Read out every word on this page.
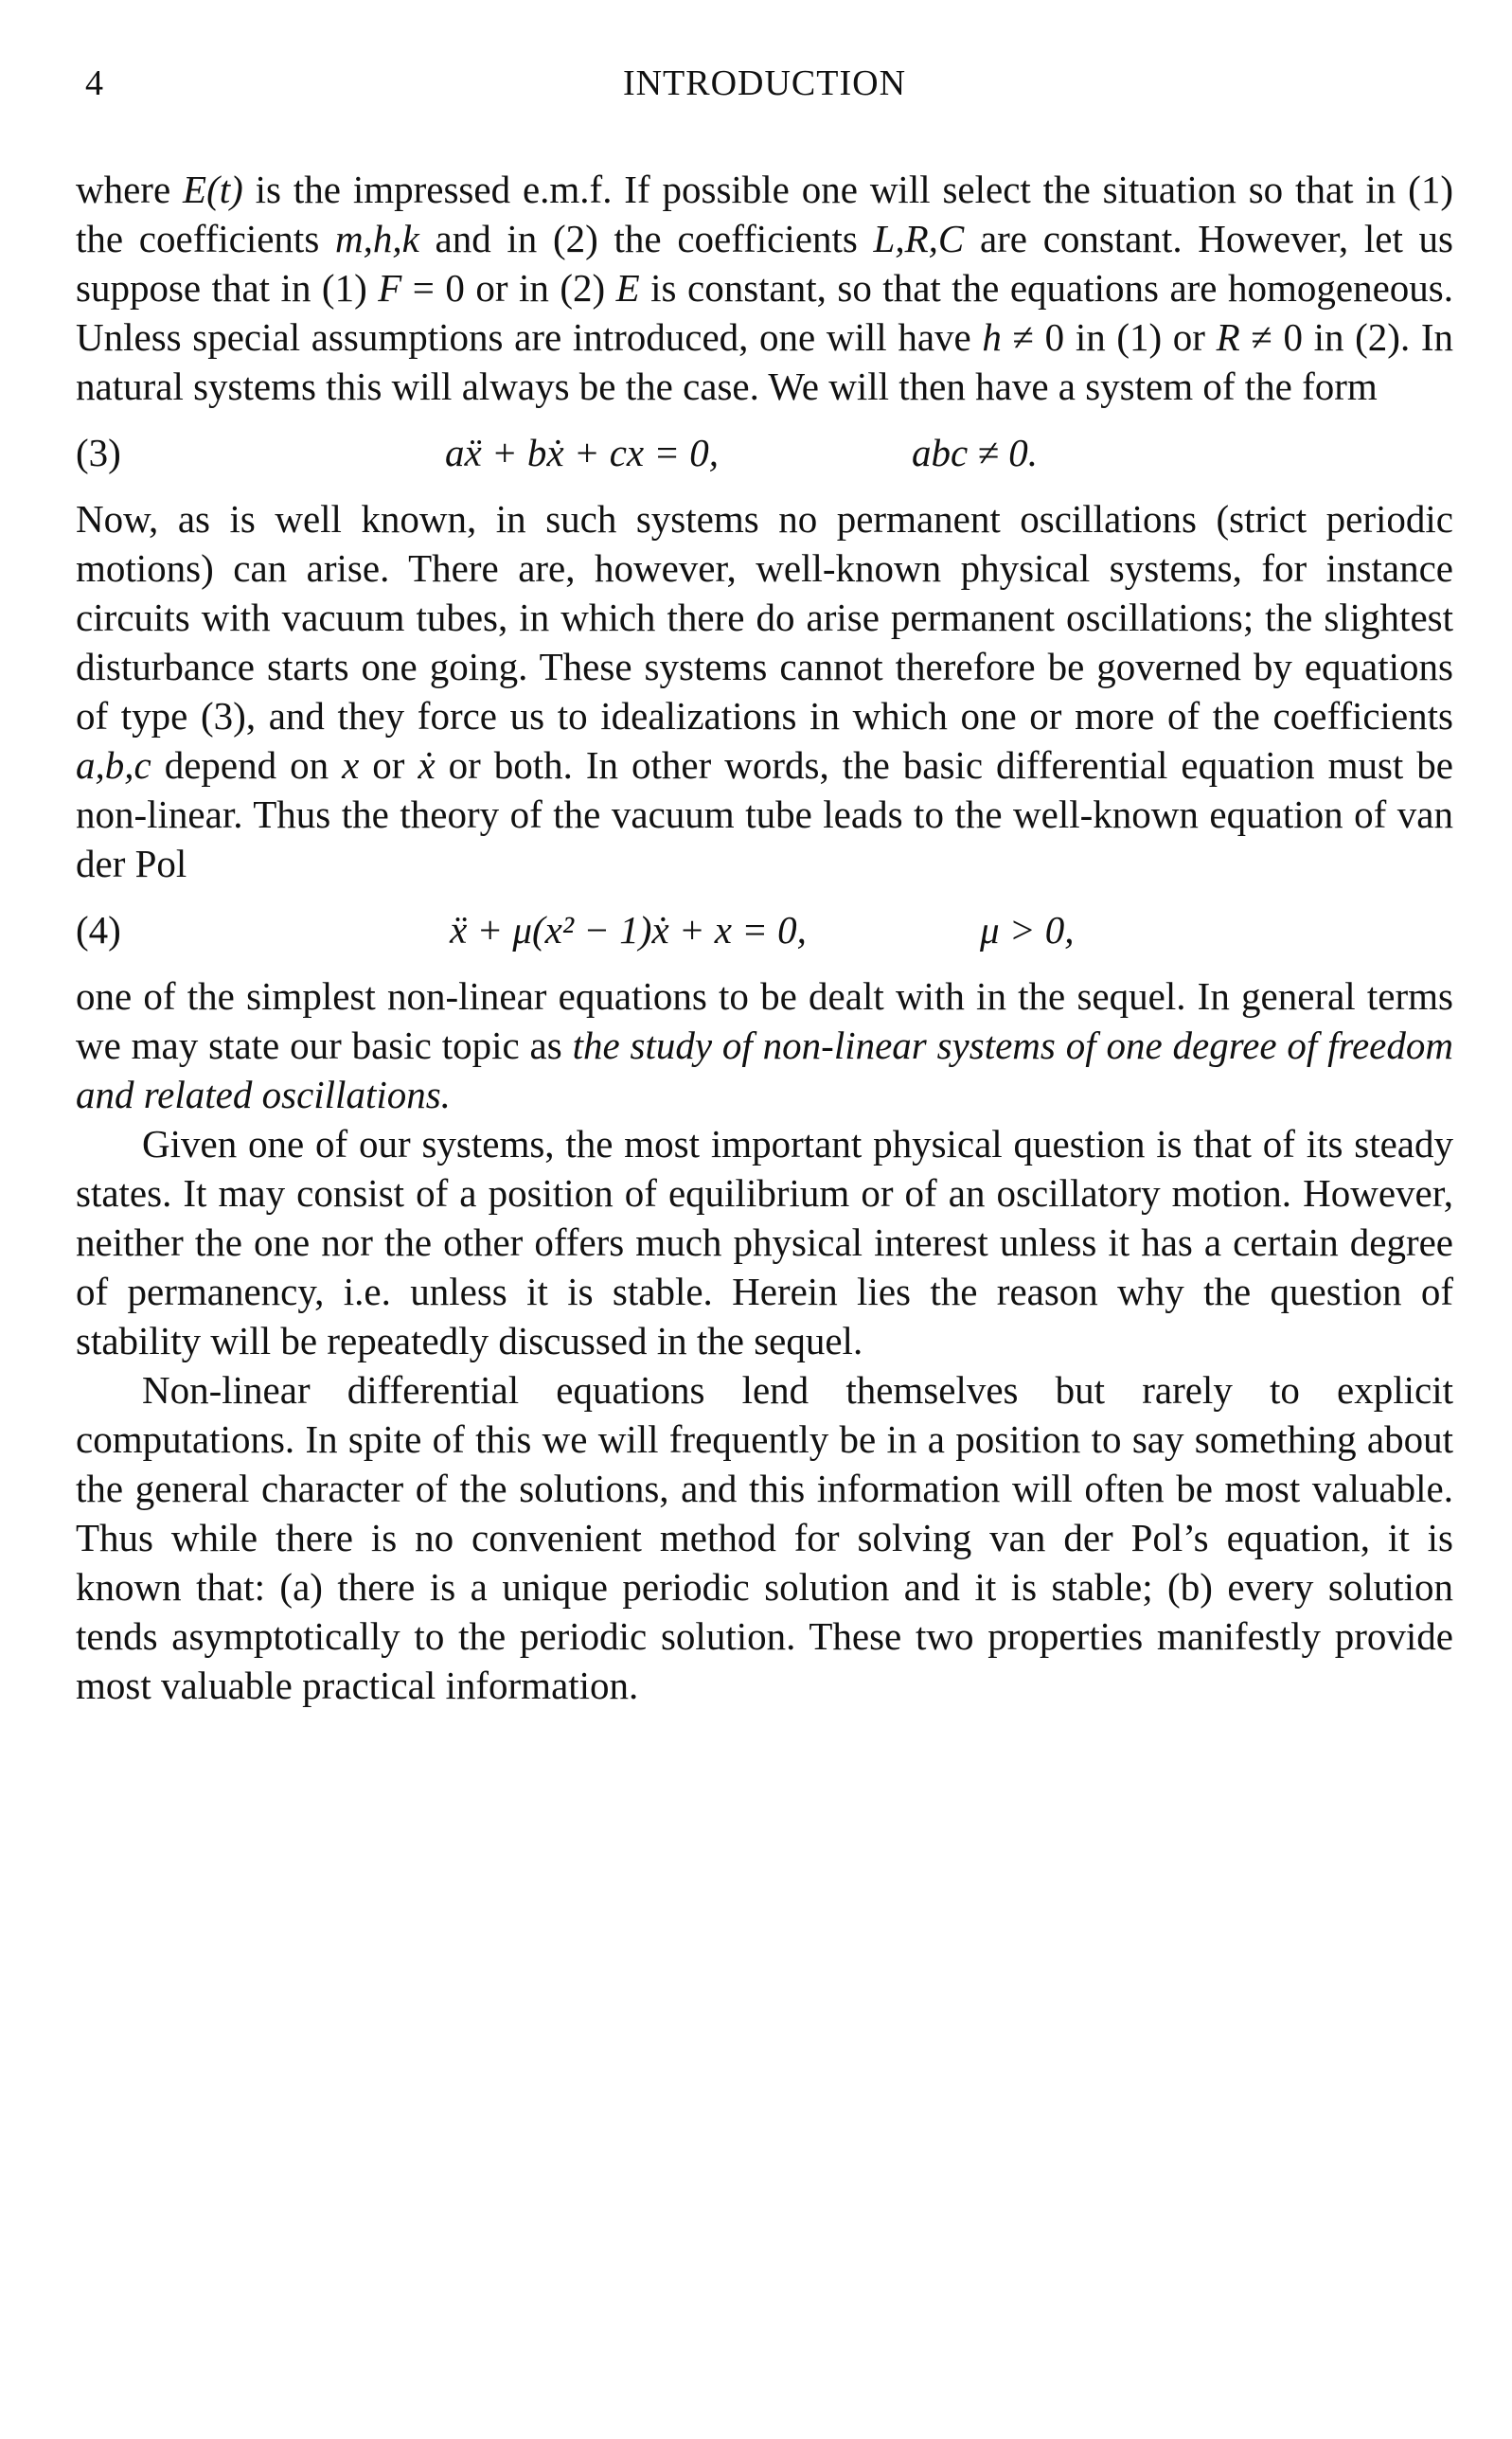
4	INTRODUCTION

where E(t) is the impressed e.m.f. If possible one will select the situation so that in (1) the coefficients m,h,k and in (2) the coefficients L,R,C are constant. However, let us suppose that in (1) F = 0 or in (2) E is constant, so that the equations are homogeneous. Unless special assumptions are introduced, one will have h ≠ 0 in (1) or R ≠ 0 in (2). In natural systems this will always be the case. We will then have a system of the form

(3)	aẍ + bẋ + cx = 0,	abc ≠ 0.

Now, as is well known, in such systems no permanent oscillations (strict periodic motions) can arise. There are, however, well-known physical systems, for instance circuits with vacuum tubes, in which there do arise permanent oscillations; the slightest disturbance starts one going. These systems cannot therefore be governed by equations of type (3), and they force us to idealizations in which one or more of the coefficients a,b,c depend on x or ẋ or both. In other words, the basic differential equation must be non-linear. Thus the theory of the vacuum tube leads to the well-known equation of van der Pol

(4)	ẍ + μ(x² − 1)ẋ + x = 0,	μ > 0,

one of the simplest non-linear equations to be dealt with in the sequel. In general terms we may state our basic topic as the study of non-linear systems of one degree of freedom and related oscillations.

Given one of our systems, the most important physical question is that of its steady states. It may consist of a position of equilibrium or of an oscillatory motion. However, neither the one nor the other offers much physical interest unless it has a certain degree of permanency, i.e. unless it is stable. Herein lies the reason why the question of stability will be repeatedly discussed in the sequel.

Non-linear differential equations lend themselves but rarely to explicit computations. In spite of this we will frequently be in a position to say something about the general character of the solutions, and this information will often be most valuable. Thus while there is no convenient method for solving van der Pol’s equation, it is known that: (a) there is a unique periodic solution and it is stable; (b) every solution tends asymptotically to the periodic solution. These two properties manifestly provide most valuable practical information.
